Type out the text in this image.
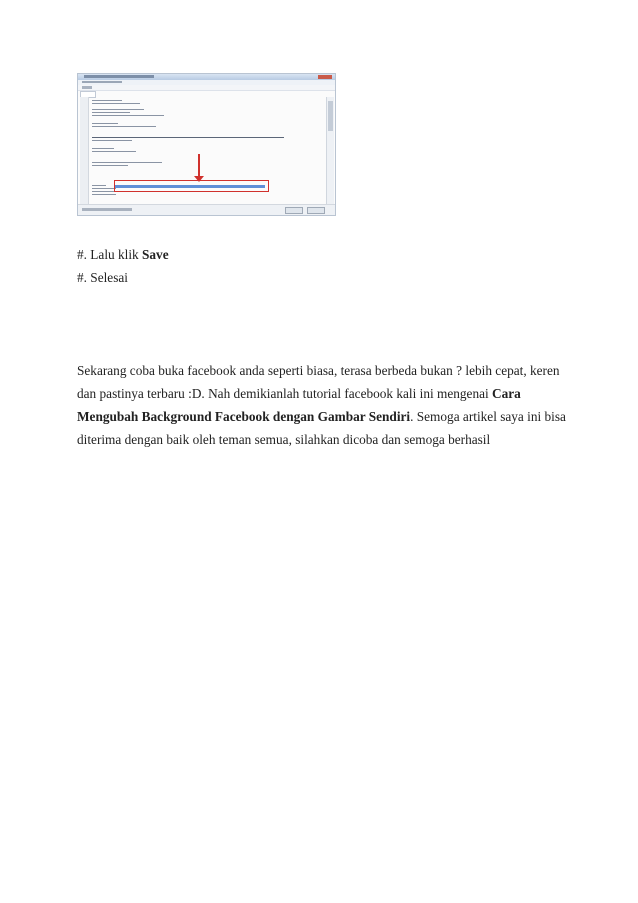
#. Lalu klik Save
#. Selesai
Sekarang coba buka facebook anda seperti biasa, terasa berbeda bukan ? lebih cepat, keren
dan pastinya terbaru :D. Nah demikianlah tutorial facebook kali ini mengenai Cara
Mengubah Background Facebook dengan Gambar Sendiri. Semoga artikel saya ini bisa
diterima dengan baik oleh teman semua, silahkan dicoba dan semoga berhasil
